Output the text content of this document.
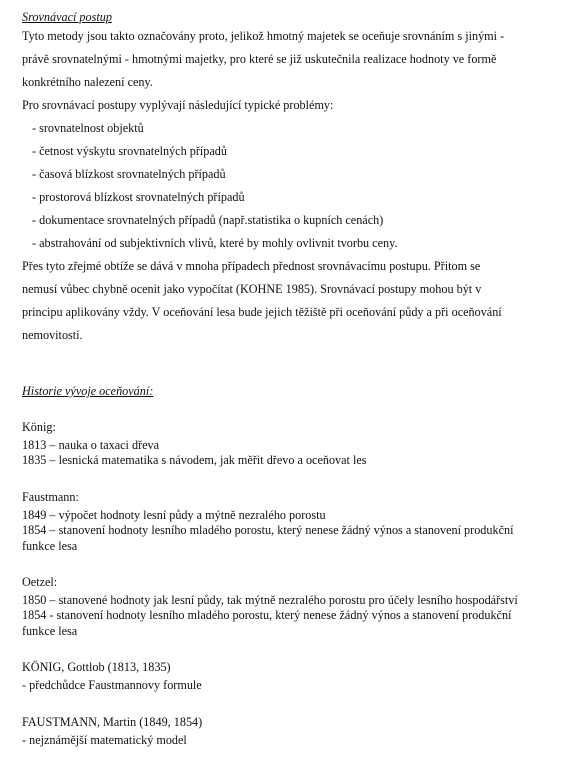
Srovnávací postup

Tyto metody jsou takto označovány proto, jelikož hmotný majetek se oceňuje srovnáním s jinými -
právě srovnatelnými - hmotnými majetky, pro které se již uskutečnila realizace hodnoty ve formě
konkrétního nalezení ceny.

Pro srovnávací postupy vyplývají následující typické problémy:

- srovnatelnost objektů
- četnost výskytu srovnatelných případů
- časová blízkost srovnatelných případů
- prostorová blízkost srovnatelných případů
- dokumentace srovnatelných případů (např.statistika o kupních cenách)
- abstrahování od subjektivních vlivů, které by mohly ovlivnit tvorbu ceny.

Přes tyto zřejmé obtíže se dává v mnoha případech přednost srovnávacímu postupu. Přitom se
nemusí vůbec chybně ocenit jako vypočítat (KOHNE 1985). Srovnávací postupy mohou být v
principu aplikovány vždy. V oceňování lesa bude jejich těžiště při oceňování půdy a při oceňování
nemovitostí.

Historie vývoje oceňování:

König:
1813 – nauka o taxaci dřeva
1835 – lesnická matematika s návodem, jak měřit dřevo a oceňovat les
Faustmann:
1849 – výpočet hodnoty lesní půdy a mýtně nezralého porostu
1854 – stanovení hodnoty lesního mladého porostu, který nenese žádný výnos a stanovení produkční
funkce lesa
Oetzel:
1850 – stanovené hodnoty jak lesní půdy, tak mýtně nezralého porostu pro účely lesního hospodářství
1854 - stanovení hodnoty lesního mladého porostu, který nenese žádný výnos a stanovení produkční
funkce lesa
KÖNIG, Gottlob (1813, 1835)
- předchůdce Faustmannovy formule
FAUSTMANN, Martin (1849, 1854)
- nejznámější matematický model
